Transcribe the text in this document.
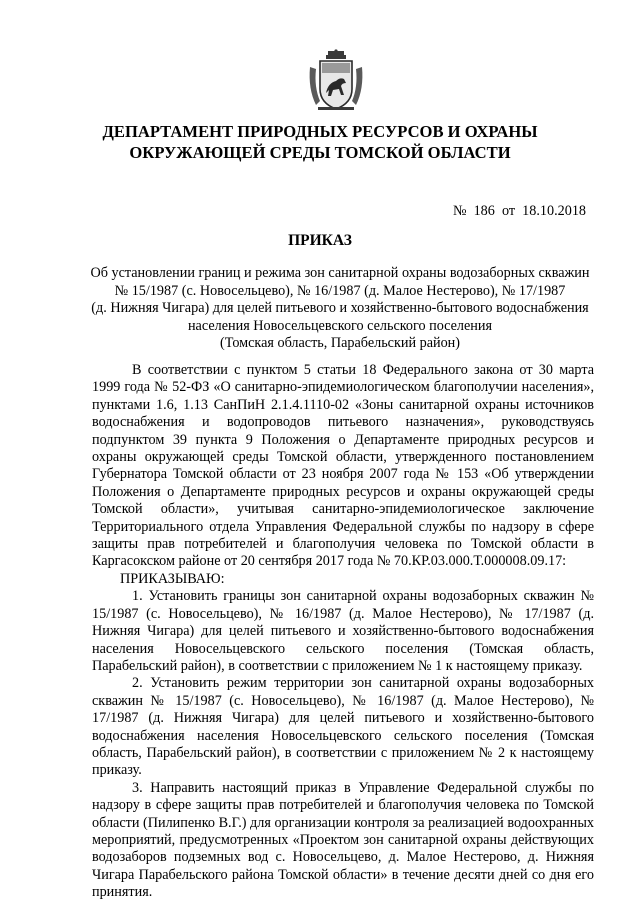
ДЕПАРТАМЕНТ ПРИРОДНЫХ РЕСУРСОВ И ОХРАНЫ
ОКРУЖАЮЩЕЙ СРЕДЫ ТОМСКОЙ ОБЛАСТИ
№ 186 от 18.10.2018
ПРИКАЗ
Об установлении границ и режима зон санитарной охраны водозаборных скважин
№ 15/1987 (с. Новосельцево), № 16/1987 (д. Малое Нестерово), № 17/1987
(д. Нижняя Чигара) для целей питьевого и хозяйственно-бытового водоснабжения
населения Новосельцевского сельского поселения
(Томская область, Парабельский район)

В соответствии с пунктом 5 статьи 18 Федерального закона от 30 марта 1999 года № 52-ФЗ «О санитарно-эпидемиологическом благополучии населения», пунктами 1.6, 1.13 СанПиН 2.1.4.1110-02 «Зоны санитарной охраны источников водоснабжения и водопроводов питьевого назначения», руководствуясь подпунктом 39 пункта 9 Положения о Департаменте природных ресурсов и охраны окружающей среды Томской области, утвержденного постановлением Губернатора Томской области от 23 ноября 2007 года № 153 «Об утверждении Положения о Департаменте природных ресурсов и охраны окружающей среды Томской области», учитывая санитарно-эпидемиологическое заключение Территориального отдела Управления Федеральной службы по надзору в сфере защиты прав потребителей и благополучия человека по Томской области в Каргасокском районе от 20 сентября 2017 года № 70.КР.03.000.Т.000008.09.17:

ПРИКАЗЫВАЮ:

1. Установить границы зон санитарной охраны водозаборных скважин № 15/1987 (с. Новосельцево), № 16/1987 (д. Малое Нестерово), № 17/1987 (д. Нижняя Чигара) для целей питьевого и хозяйственно-бытового водоснабжения населения Новосельцевского сельского поселения (Томская область, Парабельский район), в соответствии с приложением № 1 к настоящему приказу.

2. Установить режим территории зон санитарной охраны водозаборных скважин № 15/1987 (с. Новосельцево), № 16/1987 (д. Малое Нестерово), № 17/1987 (д. Нижняя Чигара) для целей питьевого и хозяйственно-бытового водоснабжения населения Новосельцевского сельского поселения (Томская область, Парабельский район), в соответствии с приложением № 2 к настоящему приказу.

3. Направить настоящий приказ в Управление Федеральной службы по надзору в сфере защиты прав потребителей и благополучия человека по Томской области (Пилипенко В.Г.) для организации контроля за реализацией водоохранных мероприятий, предусмотренных «Проектом зон санитарной охраны действующих водозаборов подземных вод с. Новосельцево, д. Малое Нестерово, д. Нижняя Чигара Парабельского района Томской области» в течение десяти дней со дня его принятия.
